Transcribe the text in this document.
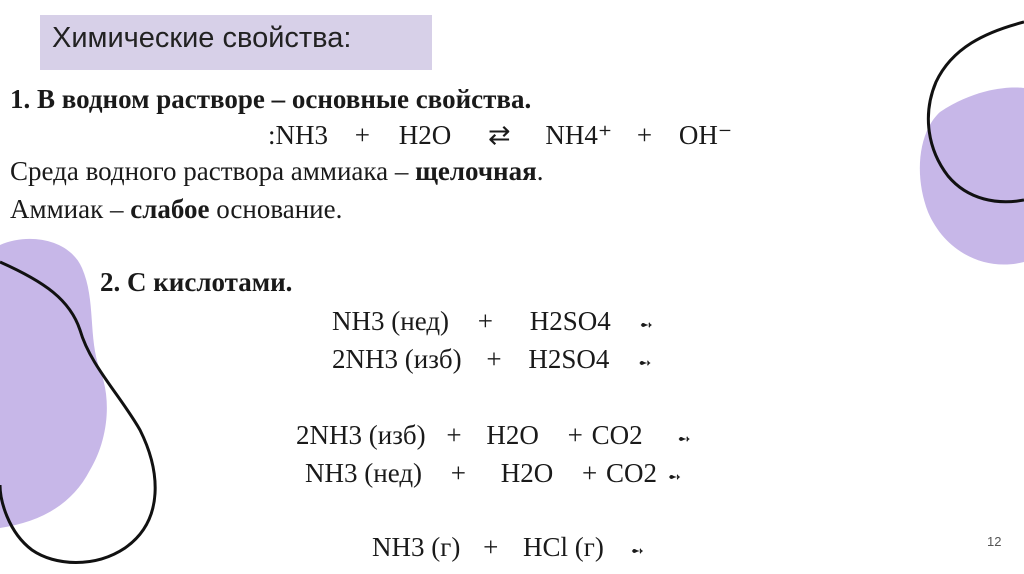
Химические свойства:
1. В водном растворе – основные свойства.
:NH3 + H2O ⇄ NH4⁺ + OH⁻
Среда водного раствора аммиака – щелочная.
Аммиак – слабое основание.
2. С кислотами.
NH3 (нед) + H2SO4 ➻
2NH3 (изб) + H2SO4 ➻
2NH3 (изб) + H2O + CO2 ➻
NH3 (нед) + H2O + CO2 ➻
NH3 (г) + HCl (г) ➻	12
